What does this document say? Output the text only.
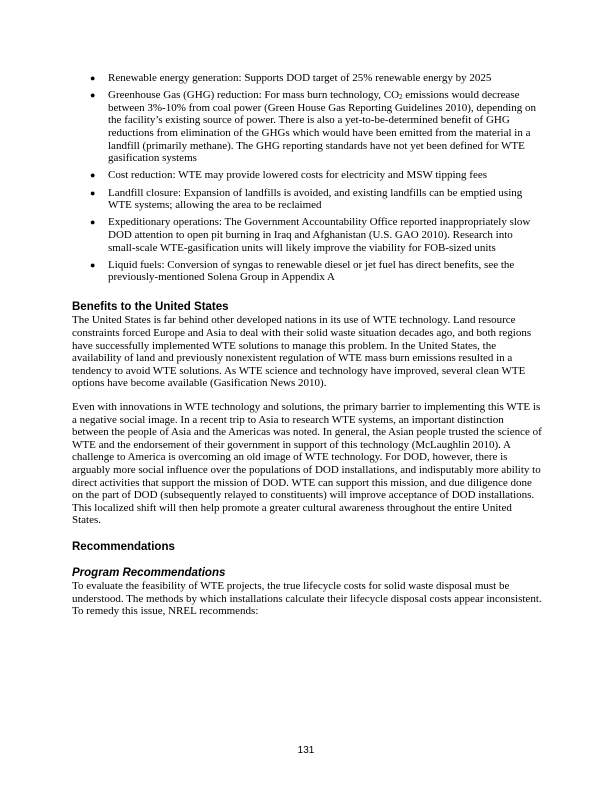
● Renewable energy generation: Supports DOD target of 25% renewable energy by 2025
● Greenhouse Gas (GHG) reduction: For mass burn technology, $CO_2$ emissions would decrease between 3%-10% from coal power (Green House Gas Reporting Guidelines 2010), depending on the facility’s existing source of power. There is also a yet-to-be-determined benefit of GHG reductions from elimination of the GHGs which would have been emitted from the material in a landfill (primarily methane). The GHG reporting standards have not yet been defined for WTE gasification systems
● Cost reduction: WTE may provide lowered costs for electricity and MSW tipping fees
● Landfill closure: Expansion of landfills is avoided, and existing landfills can be emptied using WTE systems; allowing the area to be reclaimed
● Expeditionary operations: The Government Accountability Office reported inappropriately slow DOD attention to open pit burning in Iraq and Afghanistan (U.S. GAO 2010). Research into small-scale WTE-gasification units will likely improve the viability for FOB-sized units
● Liquid fuels: Conversion of syngas to renewable diesel or jet fuel has direct benefits, see the previously-mentioned Solena Group in Appendix A
Benefits to the United States

The United States is far behind other developed nations in its use of WTE technology. Land resource constraints forced Europe and Asia to deal with their solid waste situation decades ago, and both regions have successfully implemented WTE solutions to manage this problem. In the United States, the availability of land and previously nonexistent regulation of WTE mass burn emissions resulted in a tendency to avoid WTE solutions. As WTE science and technology have improved, several clean WTE options have become available (Gasification News 2010).

Even with innovations in WTE technology and solutions, the primary barrier to implementing this WTE is a negative social image. In a recent trip to Asia to research WTE systems, an important distinction between the people of Asia and the Americas was noted. In general, the Asian people trusted the science of WTE and the endorsement of their government in support of this technology (McLaughlin 2010). A challenge to America is overcoming an old image of WTE technology. For DOD, however, there is arguably more social influence over the populations of DOD installations, and indisputably more ability to direct activities that support the mission of DOD. WTE can support this mission, and due diligence done on the part of DOD (subsequently relayed to constituents) will improve acceptance of DOD installations. This localized shift will then help promote a greater cultural awareness throughout the entire United States.

Recommendations
Program Recommendations

To evaluate the feasibility of WTE projects, the true lifecycle costs for solid waste disposal must be understood. The methods by which installations calculate their lifecycle disposal costs appear inconsistent. To remedy this issue, NREL recommends:

131
